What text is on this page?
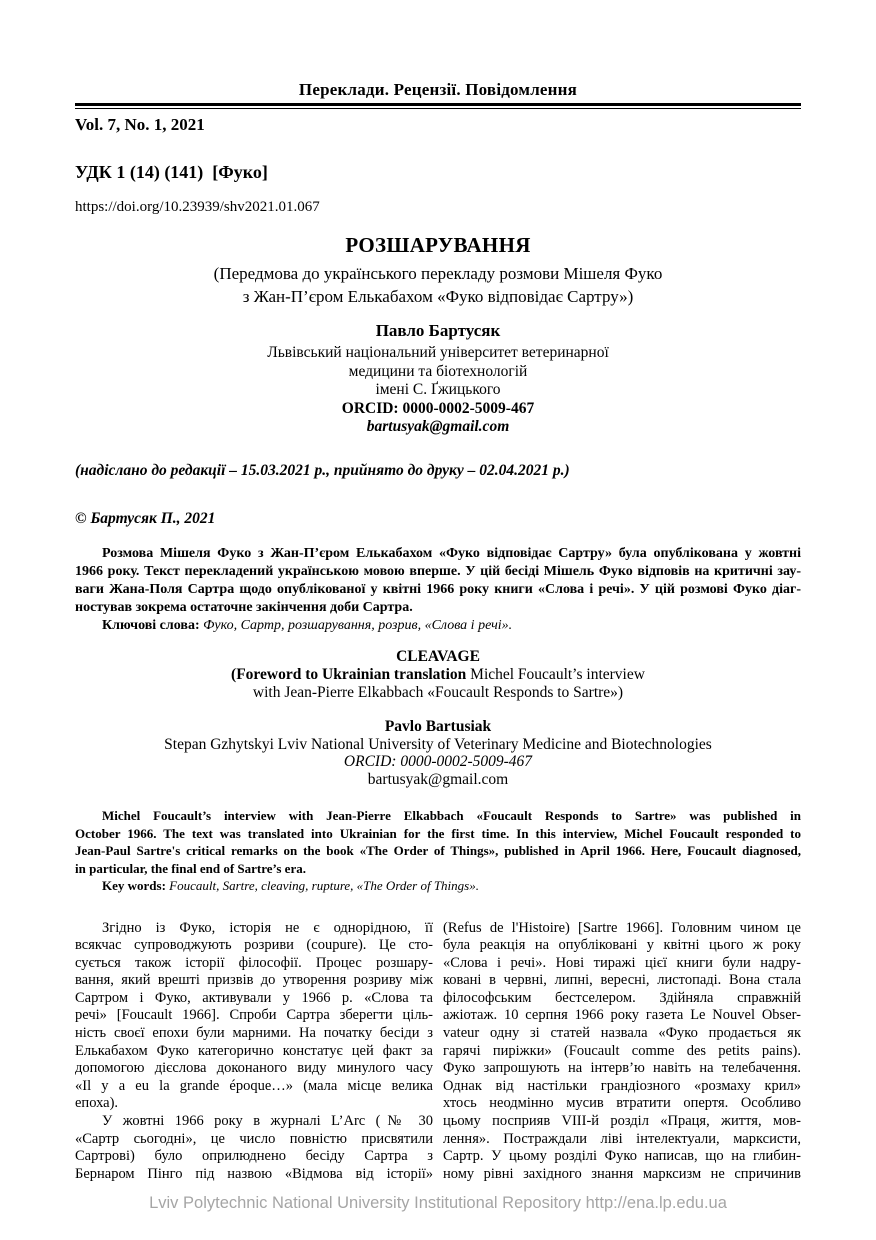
Переклади. Рецензії. Повідомлення
Vol. 7, No. 1, 2021
УДК 1 (14) (141)  [Фуко]
https://doi.org/10.23939/shv2021.01.067
РОЗШАРУВАННЯ
(Передмова до українського перекладу розмови Мішеля Фуко
з Жан-П’єром Елькабахом «Фуко відповідає Сартру»)
Павло Бартусяк
Львівський національний університет ветеринарної
медицини та біотехнологій
імені С. Ґжицького
ORCID: 0000-0002-5009-467
bartusyak@gmail.com
(надіслано до редакції – 15.03.2021 р., прийнято до друку – 02.04.2021 р.)
© Бартусяк П., 2021
Розмова Мішеля Фуко з Жан-П’єром Елькабахом «Фуко відповідає Сартру» була опублікована у жовтні
1966 року. Текст перекладений українською мовою вперше. У цій бесіді Мішель Фуко відповів на критичні зау-
ваги Жана-Поля Сартра щодо опублікованої у квітні 1966 року книги «Слова і речі». У цій розмові Фуко діаг-
ностував зокрема остаточне закінчення доби Сартра.
Ключові слова: Фуко, Сартр, розшарування, розрив, «Слова і речі».
CLEAVAGE
(Foreword to Ukrainian translation Michel Foucault’s interview
with Jean-Pierre Elkabbach «Foucault Responds to Sartre»)
Pavlo Bartusiak
Stepan Gzhytskyi Lviv National University of Veterinary Medicine and Biotechnologies
ORCID: 0000-0002-5009-467
bartusyak@gmail.com
Michel Foucault’s interview with Jean-Pierre Elkabbach «Foucault Responds to Sartre» was published in
October 1966. The text was translated into Ukrainian for the first time. In this interview, Michel Foucault responded to
Jean-Paul Sartre's critical remarks on the book «The Order of Things», published in April 1966. Here, Foucault diagnosed,
in particular, the final end of Sartre’s era.
Key words: Foucault, Sartre, cleaving, rupture, «The Order of Things».
Згідно із Фуко, історія не є однорідною, її
всякчас супроводжують розриви (coupure). Це сто-
сується також історії філософії. Процес розшару-
вання, який врешті призвів до утворення розриву між
Сартром і Фуко, активували у 1966 р. «Слова та
речі» [Foucault 1966]. Спроби Сартра зберегти ціль-
ність своєї епохи були марними. На початку бесіди з
Елькабахом Фуко категорично констатує цей факт за
допомогою дієслова доконаного виду минулого часу
«Il y a eu la grande époque…» (мала місце велика
епоха).
У жовтні 1966 року в журналі L’Arc (№ 30
«Сартр сьогодні», це число повністю присвятили
Сартрові) було оприлюднено бесіду Сартра з
Бернаром Пінго під назвою «Відмова від історії»
(Refus de l'Histoire) [Sartre 1966]. Головним чином це
була реакція на опубліковані у квітні цього ж року
«Слова і речі». Нові тиражі цієї книги були надру-
ковані в червні, липні, вересні, листопаді. Вона стала
філософським бестселером. Здійняла справжній
ажіотаж. 10 серпня 1966 року газета Le Nouvel Obser-
vateur одну зі статей назвала «Фуко продається як
гарячі пиріжки» (Foucault comme des petits pains).
Фуко запрошують на інтерв’ю навіть на телебачення.
Однак від настільки грандіозного «розмаху крил»
хтось неодмінно мусив втратити опертя. Особливо
цьому посприяв VIII-й розділ «Праця, життя, мов-
лення». Постраждали ліві інтелектуали, марксисти,
Сартр. У цьому розділі Фуко написав, що на глибин-
ному рівні західного знання марксизм не спричинив
Lviv Polytechnic National University Institutional Repository http://ena.lp.edu.ua
